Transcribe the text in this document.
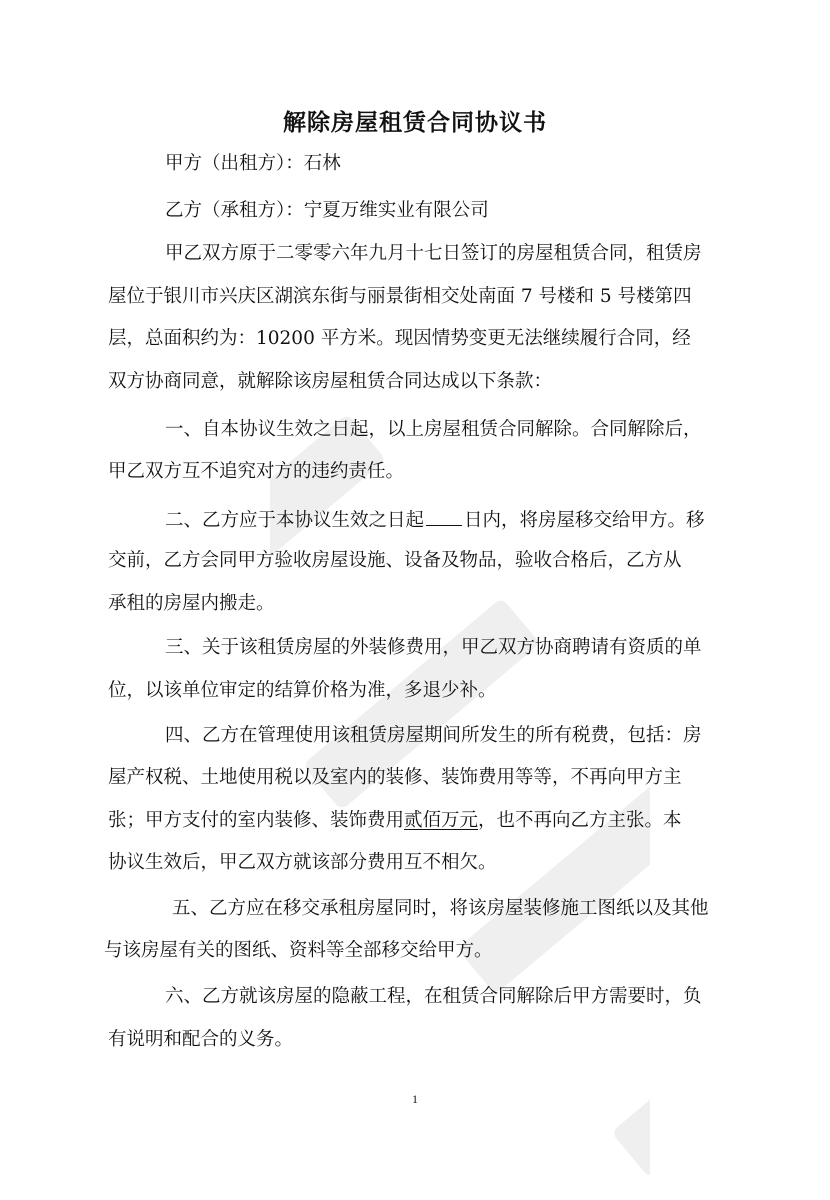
解除房屋租赁合同协议书

甲方（出租方）：石林

乙方（承租方）：宁夏万维实业有限公司

甲乙双方原于二零零六年九月十七日签订的房屋租赁合同，租赁房

屋位于银川市兴庆区湖滨东街与丽景街相交处南面 7 号楼和 5 号楼第四

层，总面积约为：10200 平方米。现因情势变更无法继续履行合同，经

双方协商同意，就解除该房屋租赁合同达成以下条款：

一、自本协议生效之日起，以上房屋租赁合同解除。合同解除后，

甲乙双方互不追究对方的违约责任。

二、乙方应于本协议生效之日起 日内，将房屋移交给甲方。移

交前，乙方会同甲方验收房屋设施、设备及物品，验收合格后，乙方从

承租的房屋内搬走。

三、关于该租赁房屋的外装修费用，甲乙双方协商聘请有资质的单

位，以该单位审定的结算价格为准，多退少补。

四、乙方在管理使用该租赁房屋期间所发生的所有税费，包括：房

屋产权税、土地使用税以及室内的装修、装饰费用等等，不再向甲方主

张；甲方支付的室内装修、装饰费用贰佰万元，也不再向乙方主张。本

协议生效后，甲乙双方就该部分费用互不相欠。

五、乙方应在移交承租房屋同时，将该房屋装修施工图纸以及其他

与该房屋有关的图纸、资料等全部移交给甲方。

六、乙方就该房屋的隐蔽工程，在租赁合同解除后甲方需要时，负

有说明和配合的义务。

1
